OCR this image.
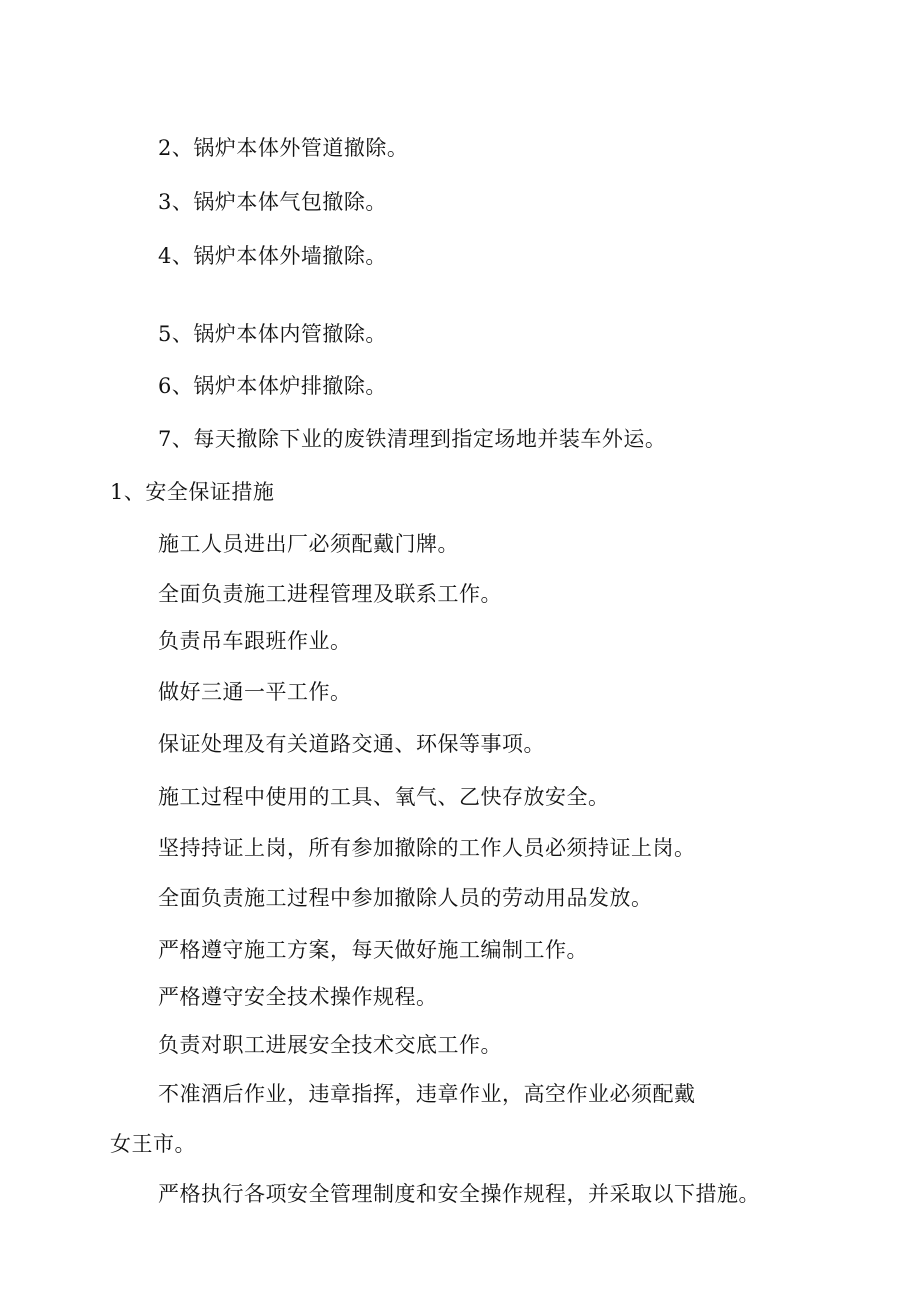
2、锅炉本体外管道撤除。
3、锅炉本体气包撤除。
4、锅炉本体外墙撤除。
5、锅炉本体内管撤除。
6、锅炉本体炉排撤除。
7、每天撤除下业的废铁清理到指定场地并装车外运。
1、安全保证措施
施工人员进出厂必须配戴门牌。
全面负责施工进程管理及联系工作。
负责吊车跟班作业。
做好三通一平工作。
保证处理及有关道路交通、环保等事项。
施工过程中使用的工具、氧气、乙快存放安全。
坚持持证上岗，所有参加撤除的工作人员必须持证上岗。
全面负责施工过程中参加撤除人员的劳动用品发放。
严格遵守施工方案，每天做好施工编制工作。
严格遵守安全技术操作规程。
负责对职工进展安全技术交底工作。
不准酒后作业，违章指挥，违章作业，高空作业必须配戴
女王市。
严格执行各项安全管理制度和安全操作规程，并采取以下措施。
